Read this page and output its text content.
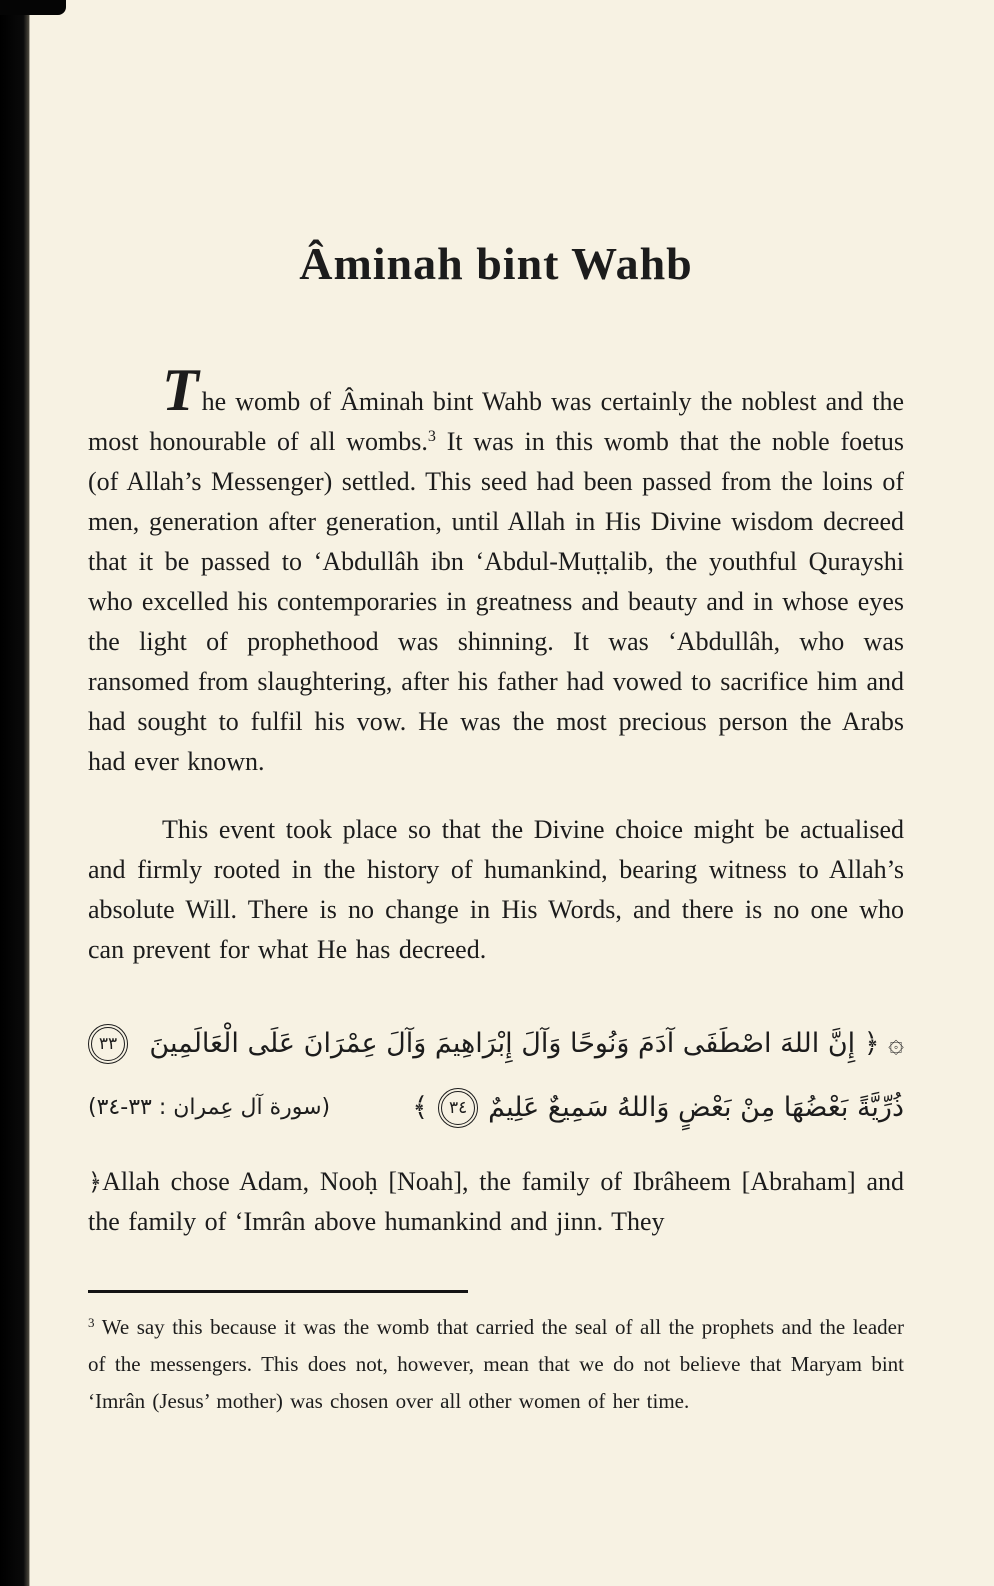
Âminah bint Wahb

The womb of Âminah bint Wahb was certainly the noblest and the most honourable of all wombs.$^3$ It was in this womb that the noble foetus (of Allah’s Messenger) settled. This seed had been passed from the loins of men, generation after generation, until Allah in His Divine wisdom decreed that it be passed to ‘Abdullâh ibn ‘Abdul-Muṭṭalib, the youthful Qurayshi who excelled his contemporaries in greatness and beauty and in whose eyes the light of prophethood was shinning. It was ‘Abdullâh, who was ransomed from slaughtering, after his father had vowed to sacrifice him and had sought to fulfil his vow. He was the most precious person the Arabs had ever known.

This event took place so that the Divine choice might be actualised and firmly rooted in the history of humankind, bearing witness to Allah’s absolute Will. There is no change in His Words, and there is no one who can prevent for what He has decreed.

۞ ﴿ إِنَّ اللهَ اصْطَفَى آدَمَ وَنُوحًا وَآلَ إِبْرَاهِيمَ وَآلَ عِمْرَانَ عَلَى الْعَالَمِينَ
٣٣
ذُرِّيَّةً بَعْضُهَا مِنْ بَعْضٍ وَاللهُ سَمِيعٌ عَلِيمٌ
٣٤
﴾
(سورة آل عِمران : ٣٣-٣٤)

﴿Allah chose Adam, Nooḥ [Noah], the family of Ibrâheem [Abraham] and the family of ‘Imrân above humankind and jinn. They

$^3$ We say this because it was the womb that carried the seal of all the prophets and the leader of the messengers. This does not, however, mean that we do not believe that Maryam bint ‘Imrân (Jesus’ mother) was chosen over all other women of her time.
